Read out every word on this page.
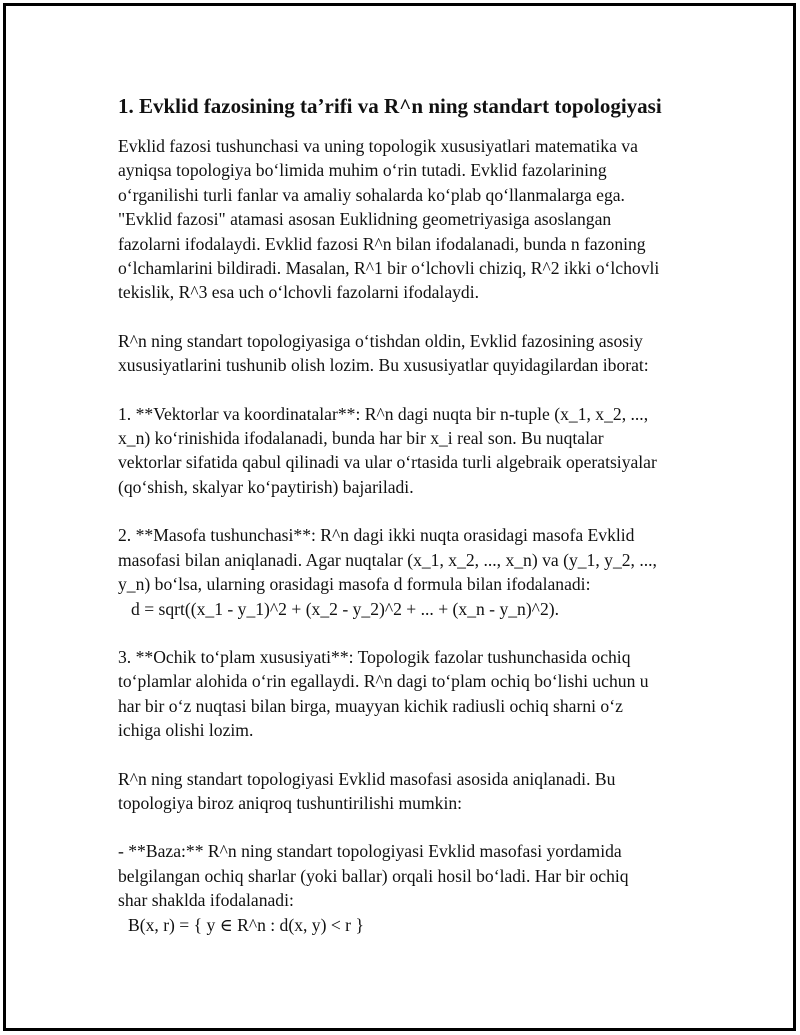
1. Evklid fazosining ta’rifi va R^n ning standart topologiyasi

Evklid fazosi tushunchasi va uning topologik xususiyatlari matematika va

ayniqsa topologiya bo‘limida muhim o‘rin tutadi. Evklid fazolarining

o‘rganilishi turli fanlar va amaliy sohalarda ko‘plab qo‘llanmalarga ega.

"Evklid fazosi" atamasi asosan Euklidning geometriyasiga asoslangan

fazolarni ifodalaydi. Evklid fazosi R^n bilan ifodalanadi, bunda n fazoning

o‘lchamlarini bildiradi. Masalan, R^1 bir o‘lchovli chiziq, R^2 ikki o‘lchovli

tekislik, R^3 esa uch o‘lchovli fazolarni ifodalaydi.

R^n ning standart topologiyasiga o‘tishdan oldin, Evklid fazosining asosiy

xususiyatlarini tushunib olish lozim. Bu xususiyatlar quyidagilardan iborat:

1. **Vektorlar va koordinatalar**: R^n dagi nuqta bir n-tuple (x_1, x_2, ...,

x_n) ko‘rinishida ifodalanadi, bunda har bir x_i real son. Bu nuqtalar

vektorlar sifatida qabul qilinadi va ular o‘rtasida turli algebraik operatsiyalar

(qo‘shish, skalyar ko‘paytirish) bajariladi.

2. **Masofa tushunchasi**: R^n dagi ikki nuqta orasidagi masofa Evklid

masofasi bilan aniqlanadi. Agar nuqtalar (x_1, x_2, ..., x_n) va (y_1, y_2, ...,

y_n) bo‘lsa, ularning orasidagi masofa d formula bilan ifodalanadi:

d = sqrt((x_1 - y_1)^2 + (x_2 - y_2)^2 + ... + (x_n - y_n)^2).

3. **Ochik to‘plam xususiyati**: Topologik fazolar tushunchasida ochiq

to‘plamlar alohida o‘rin egallaydi. R^n dagi to‘plam ochiq bo‘lishi uchun u

har bir o‘z nuqtasi bilan birga, muayyan kichik radiusli ochiq sharni o‘z

ichiga olishi lozim.

R^n ning standart topologiyasi Evklid masofasi asosida aniqlanadi. Bu

topologiya biroz aniqroq tushuntirilishi mumkin:

- **Baza:** R^n ning standart topologiyasi Evklid masofasi yordamida

belgilangan ochiq sharlar (yoki ballar) orqali hosil bo‘ladi. Har bir ochiq

shar shaklda ifodalanadi:

B(x, r) = { y ∈ R^n : d(x, y) < r }
